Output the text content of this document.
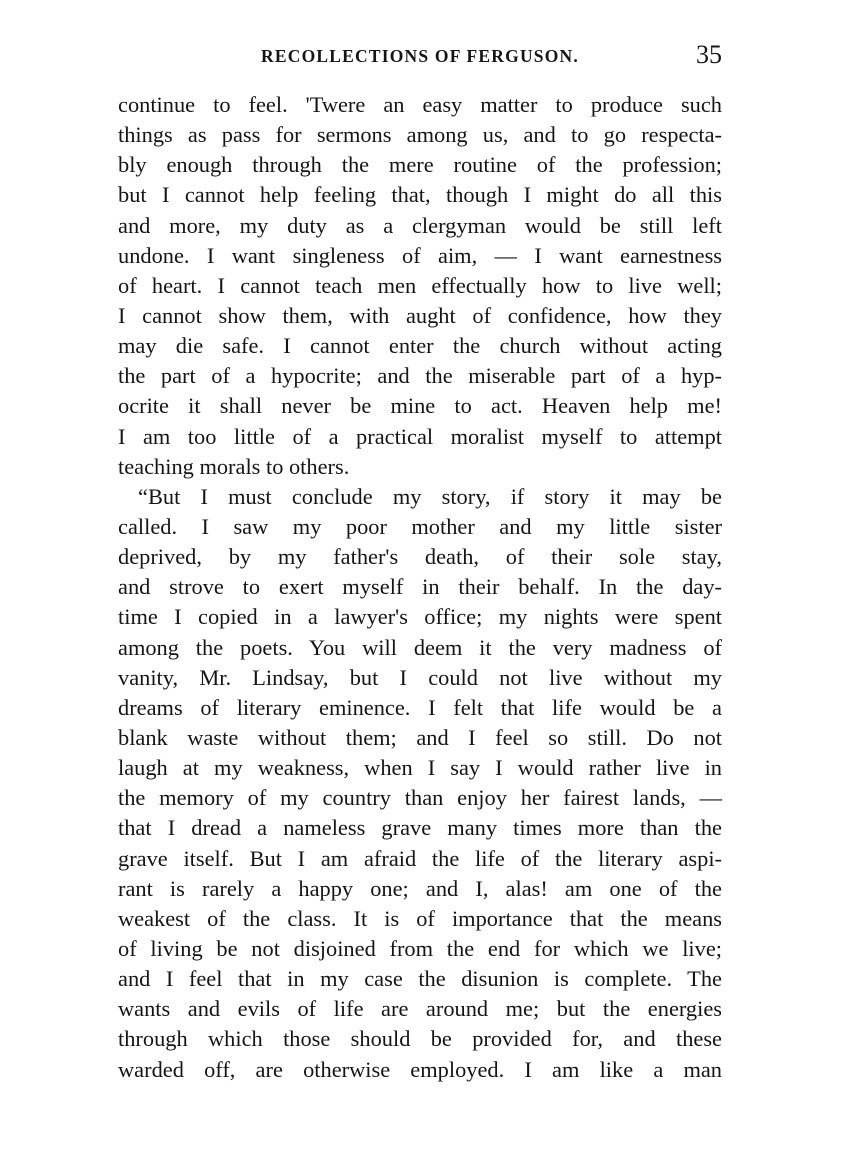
RECOLLECTIONS OF FERGUSON.	35
continue to feel. 'Twere an easy matter to produce such
things as pass for sermons among us, and to go respecta-
bly enough through the mere routine of the profession;
but I cannot help feeling that, though I might do all this
and more, my duty as a clergyman would be still left
undone. I want singleness of aim, — I want earnestness
of heart. I cannot teach men effectually how to live well;
I cannot show them, with aught of confidence, how they
may die safe. I cannot enter the church without acting
the part of a hypocrite; and the miserable part of a hyp-
ocrite it shall never be mine to act. Heaven help me!
I am too little of a practical moralist myself to attempt
teaching morals to others.
“But I must conclude my story, if story it may be
called. I saw my poor mother and my little sister
deprived, by my father's death, of their sole stay,
and strove to exert myself in their behalf. In the day-
time I copied in a lawyer's office; my nights were spent
among the poets. You will deem it the very madness of
vanity, Mr. Lindsay, but I could not live without my
dreams of literary eminence. I felt that life would be a
blank waste without them; and I feel so still. Do not
laugh at my weakness, when I say I would rather live in
the memory of my country than enjoy her fairest lands, —
that I dread a nameless grave many times more than the
grave itself. But I am afraid the life of the literary aspi-
rant is rarely a happy one; and I, alas! am one of the
weakest of the class. It is of importance that the means
of living be not disjoined from the end for which we live;
and I feel that in my case the disunion is complete. The
wants and evils of life are around me; but the energies
through which those should be provided for, and these
warded off, are otherwise employed. I am like a man
